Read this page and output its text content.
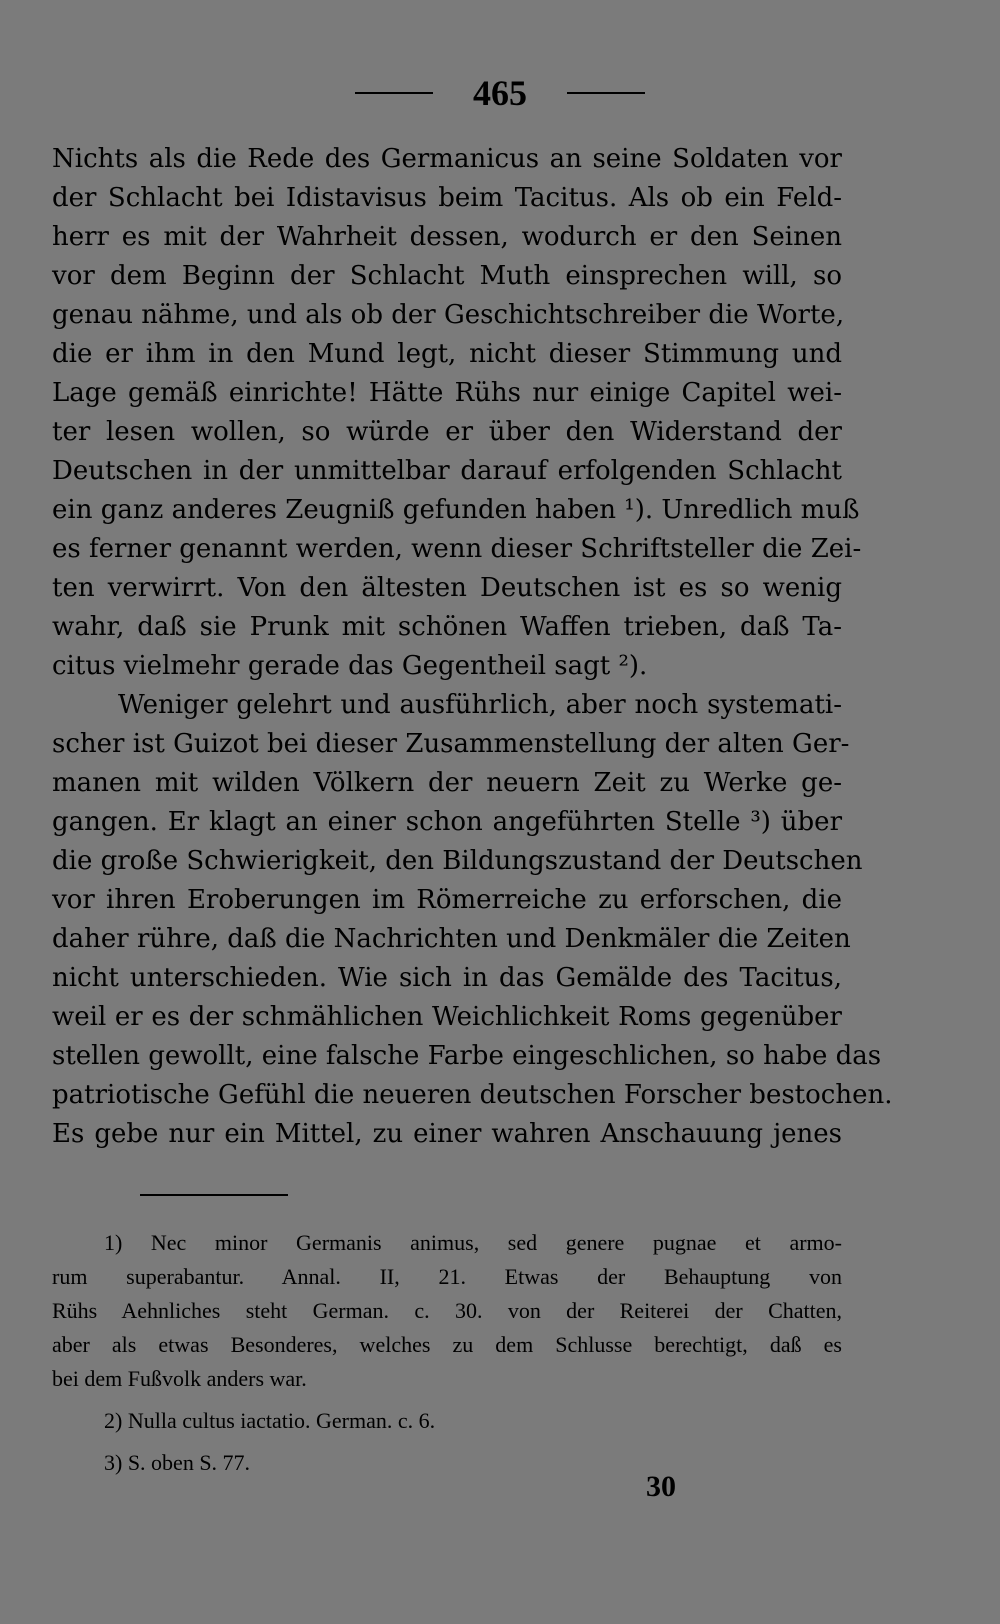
465

Nichts als die Rede des Germanicus an seine Soldaten vor
der Schlacht bei Idistavisus beim Tacitus. Als ob ein Feld-
herr es mit der Wahrheit dessen, wodurch er den Seinen
vor dem Beginn der Schlacht Muth einsprechen will, so
genau nähme, und als ob der Geschichtschreiber die Worte,
die er ihm in den Mund legt, nicht dieser Stimmung und
Lage gemäß einrichte! Hätte Rühs nur einige Capitel wei-
ter lesen wollen, so würde er über den Widerstand der
Deutschen in der unmittelbar darauf erfolgenden Schlacht
ein ganz anderes Zeugniß gefunden haben ¹). Unredlich muß
es ferner genannt werden, wenn dieser Schriftsteller die Zei-
ten verwirrt. Von den ältesten Deutschen ist es so wenig
wahr, daß sie Prunk mit schönen Waffen trieben, daß Ta-
citus vielmehr gerade das Gegentheil sagt ²).

Weniger gelehrt und ausführlich, aber noch systemati-
scher ist Guizot bei dieser Zusammenstellung der alten Ger-
manen mit wilden Völkern der neuern Zeit zu Werke ge-
gangen. Er klagt an einer schon angeführten Stelle ³) über
die große Schwierigkeit, den Bildungszustand der Deutschen
vor ihren Eroberungen im Römerreiche zu erforschen, die
daher rühre, daß die Nachrichten und Denkmäler die Zeiten
nicht unterschieden. Wie sich in das Gemälde des Tacitus,
weil er es der schmählichen Weichlichkeit Roms gegenüber
stellen gewollt, eine falsche Farbe eingeschlichen, so habe das
patriotische Gefühl die neueren deutschen Forscher bestochen.
Es gebe nur ein Mittel, zu einer wahren Anschauung jenes

1) Nec minor Germanis animus, sed genere pugnae et armo-
rum superabantur. Annal. II, 21. Etwas der Behauptung von
Rühs Aehnliches steht German. c. 30. von der Reiterei der Chatten,
aber als etwas Besonderes, welches zu dem Schlusse berechtigt, daß es
bei dem Fußvolk anders war.
2) Nulla cultus iactatio. German. c. 6.
3) S. oben S. 77.
30
